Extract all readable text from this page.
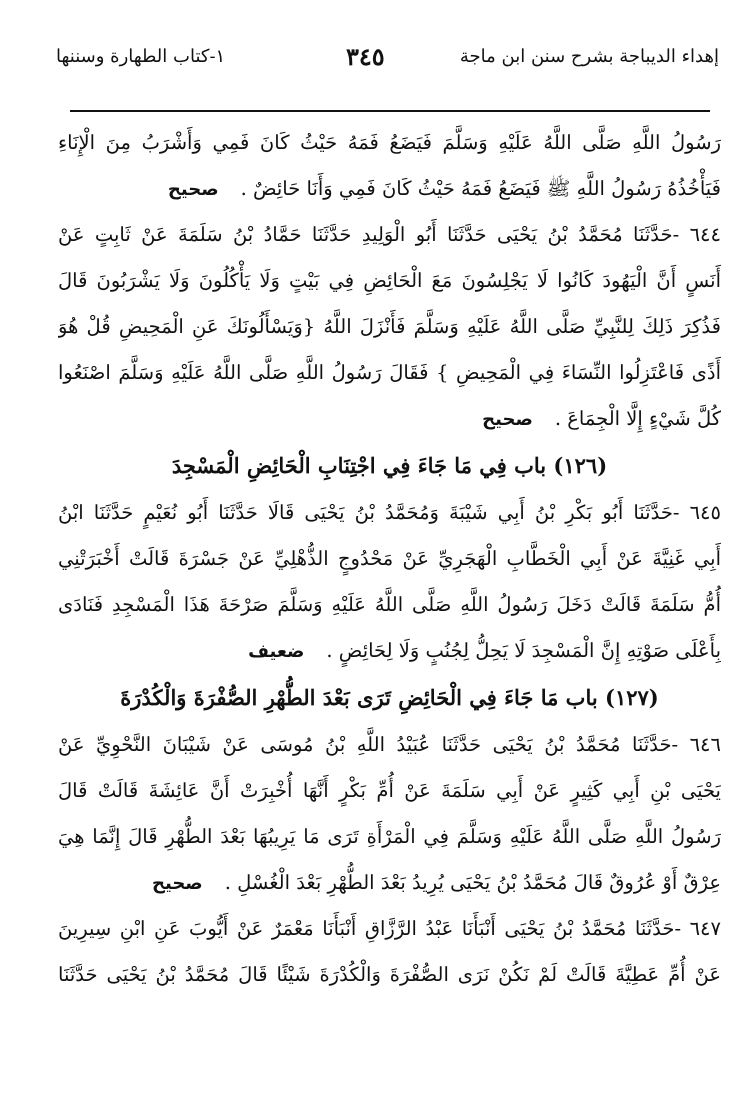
١-كتاب الطهارة وسننها	٣٤٥	إهداء الديباجة بشرح سنن ابن ماجة
رَسُولُ اللَّهِ صَلَّى اللَّهُ عَلَيْهِ وَسَلَّمَ فَيَضَعُ فَمَهُ حَيْثُ كَانَ فَمِي وَأَشْرَبُ مِنَ الْإِنَاءِ
فَيَأْخُذُهُ رَسُولُ اللَّهِ ﷺ فَيَضَعُ فَمَهُ حَيْثُ كَانَ فَمِي وَأَنَا حَائِضٌ .صحيح
٦٤٤ -حَدَّثَنَا مُحَمَّدُ بْنُ يَحْيَى حَدَّثَنَا أَبُو الْوَلِيدِ حَدَّثَنَا حَمَّادُ بْنُ سَلَمَةَ عَنْ ثَابِتٍ عَنْ
أَنَسٍ أَنَّ الْيَهُودَ كَانُوا لَا يَجْلِسُونَ مَعَ الْحَائِضِ فِي بَيْتٍ وَلَا يَأْكُلُونَ وَلَا يَشْرَبُونَ قَالَ
فَذُكِرَ ذَلِكَ لِلنَّبِيِّ صَلَّى اللَّهُ عَلَيْهِ وَسَلَّمَ فَأَنْزَلَ اللَّهُ {وَيَسْأَلُونَكَ عَنِ الْمَحِيضِ قُلْ هُوَ
أَذًى فَاعْتَزِلُوا النِّسَاءَ فِي الْمَحِيضِ } فَقَالَ رَسُولُ اللَّهِ صَلَّى اللَّهُ عَلَيْهِ وَسَلَّمَ اصْنَعُوا
كُلَّ شَيْءٍ إِلَّا الْجِمَاعَ .صحيح
(١٢٦) باب فِي مَا جَاءَ فِي اجْتِنَابِ الْحَائِضِ الْمَسْجِدَ
٦٤٥ -حَدَّثَنَا أَبُو بَكْرِ بْنُ أَبِي شَيْبَةَ وَمُحَمَّدُ بْنُ يَحْيَى قَالَا حَدَّثَنَا أَبُو نُعَيْمٍ حَدَّثَنَا ابْنُ
أَبِي غَنِيَّةَ عَنْ أَبِي الْخَطَّابِ الْهَجَرِيِّ عَنْ مَحْدُوجٍ الذُّهْلِيِّ عَنْ جَسْرَةَ قَالَتْ أَخْبَرَتْنِي
أُمُّ سَلَمَةَ قَالَتْ دَخَلَ رَسُولُ اللَّهِ صَلَّى اللَّهُ عَلَيْهِ وَسَلَّمَ صَرْحَةَ هَذَا الْمَسْجِدِ فَنَادَى
بِأَعْلَى صَوْتِهِ إِنَّ الْمَسْجِدَ لَا يَحِلُّ لِجُنُبٍ وَلَا لِحَائِضٍ .ضعيف
(١٢٧) باب مَا جَاءَ فِي الْحَائِضِ تَرَى بَعْدَ الطُّهْرِ الصُّفْرَةَ وَالْكُدْرَةَ
٦٤٦ -حَدَّثَنَا مُحَمَّدُ بْنُ يَحْيَى حَدَّثَنَا عُبَيْدُ اللَّهِ بْنُ مُوسَى عَنْ شَيْبَانَ النَّحْوِيِّ عَنْ
يَحْيَى بْنِ أَبِي كَثِيرٍ عَنْ أَبِي سَلَمَةَ عَنْ أُمِّ بَكْرٍ أَنَّهَا أُخْبِرَتْ أَنَّ عَائِشَةَ قَالَتْ قَالَ
رَسُولُ اللَّهِ صَلَّى اللَّهُ عَلَيْهِ وَسَلَّمَ فِي الْمَرْأَةِ تَرَى مَا يَرِيبُهَا بَعْدَ الطُّهْرِ قَالَ إِنَّمَا هِيَ
عِرْقٌ أَوْ عُرُوقٌ قَالَ مُحَمَّدُ بْنُ يَحْيَى يُرِيدُ بَعْدَ الطُّهْرِ بَعْدَ الْغُسْلِ .صحيح
٦٤٧ -حَدَّثَنَا مُحَمَّدُ بْنُ يَحْيَى أَنْبَأَنَا عَبْدُ الرَّزَّاقِ أَنْبَأَنَا مَعْمَرٌ عَنْ أَيُّوبَ عَنِ ابْنِ سِيرِينَ
عَنْ أُمِّ عَطِيَّةَ قَالَتْ لَمْ نَكُنْ نَرَى الصُّفْرَةَ وَالْكُدْرَةَ شَيْئًا قَالَ مُحَمَّدُ بْنُ يَحْيَى حَدَّثَنَا
